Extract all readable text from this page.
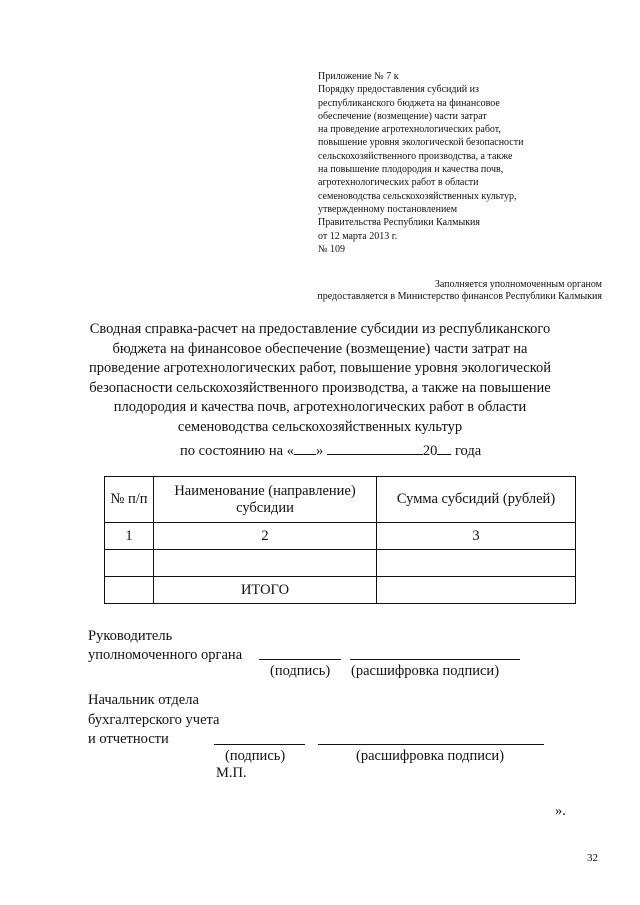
Приложение № 7 к
Порядку предоставления субсидий из
республиканского бюджета на финансовое
обеспечение (возмещение) части затрат
на проведение агротехнологических работ,
повышение уровня экологической безопасности
сельскохозяйственного производства, а также
на повышение плодородия и качества почв,
агротехнологических работ в области
семеноводства сельскохозяйственных культур,
утвержденному постановлением
Правительства Республики Калмыкия
от 12 марта 2013 г.
№ 109
Заполняется уполномоченным органом
предоставляется в Министерство финансов Республики Калмыкия
Сводная справка-расчет на предоставление субсидии из республиканского
бюджета на финансовое обеспечение (возмещение) части затрат на
проведение агротехнологических работ, повышение уровня экологической
безопасности сельскохозяйственного производства, а также на повышение
плодородия и качества почв, агротехнологических работ в области
семеноводства сельскохозяйственных культур
по состоянию на « »	20 года
№ п/п	Наименование (направление) субсидии	Сумма субсидий (рублей)
1	2	3

	ИТОГО	
Руководитель
уполномоченного органа
(подпись) (расшифровка подписи)
Начальник отдела
бухгалтерского учета
и отчетности
(подпись)	(расшифровка подписи)
М.П.
».
32
